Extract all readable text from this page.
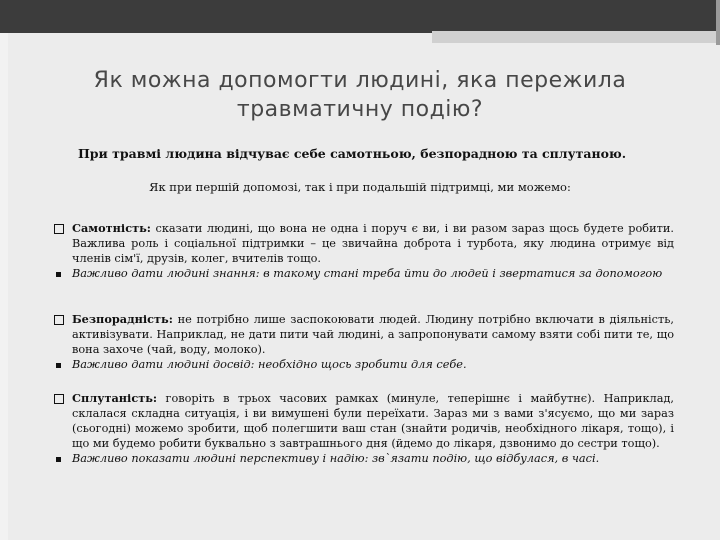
Як можна допомогти людині, яка пережила травматичну подію?
При травмі людина відчуває себе самотньою, безпорадною та сплутаною.
Як при першій допомозі, так і при подальшій підтримці, ми можемо:
Самотність: сказати людині, що вона не одна і поруч є ви, і ви разом зараз щось будете робити. Важлива роль і соціальної підтримки – це звичайна доброта і турбота, яку людина отримує від членів сім'ї, друзів, колег, вчителів тощо.
Важливо дати людині знання: в такому стані треба йти до людей і звертатися за допомогою
Безпорадність: не потрібно лише заспокоювати людей. Людину потрібно включати в діяльність, активізувати. Наприклад, не дати пити чай людині, а запропонувати самому взяти собі пити те, що вона захоче (чай, воду, молоко).
Важливо дати людині досвід: необхідно щось зробити для себе.
Сплутаність: говоріть в трьох часових рамках (минуле, теперішнє і майбутнє). Наприклад, склалася складна ситуація, і ви вимушені були переїхати. Зараз ми з вами з'ясуємо, що ми зараз (сьогодні) можемо зробити, щоб полегшити ваш стан (знайти родичів, необхідного лікаря, тощо), і що ми будемо робити буквально з завтрашнього дня (йдемо до лікаря, дзвонимо до сестри тощо).
Важливо показати людині перспективу і надію: зв`язати подію, що відбулася, в часі.
